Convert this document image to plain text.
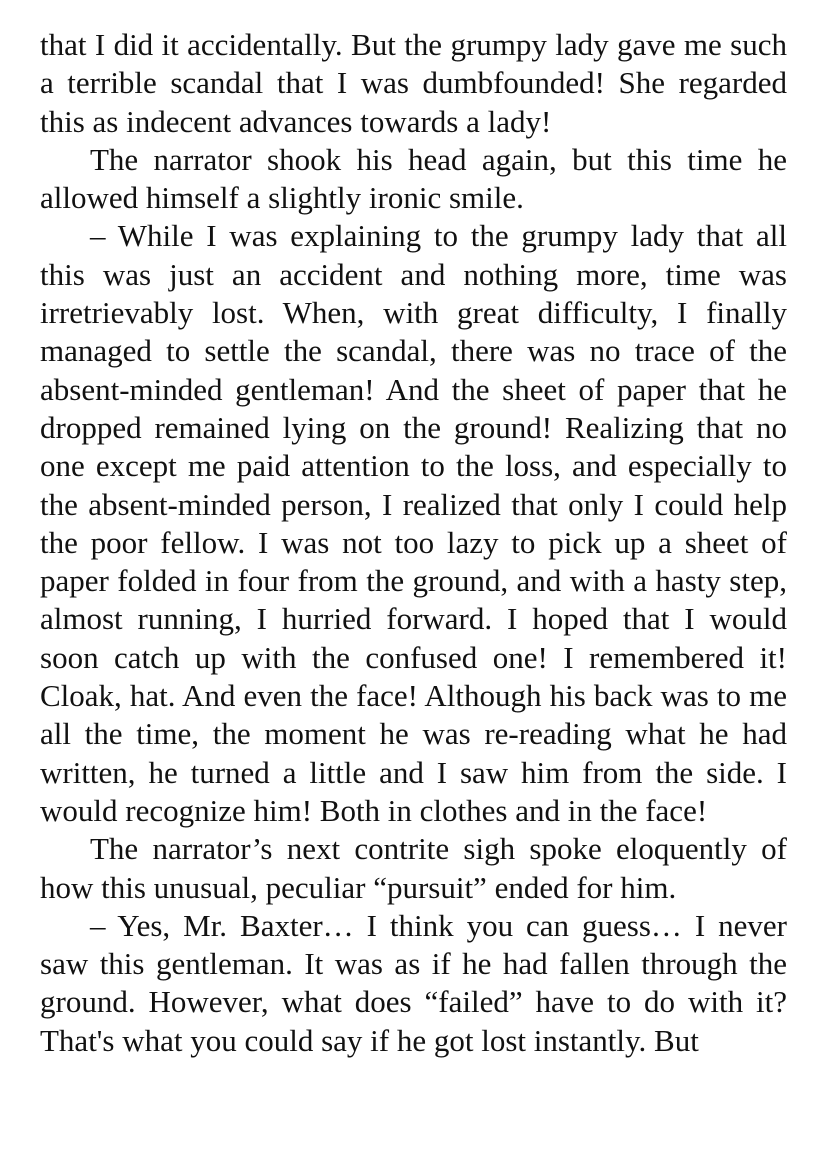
that I did it accidentally. But the grumpy lady gave me such a terrible scandal that I was dumbfounded! She regarded this as indecent advances towards a lady!

The narrator shook his head again, but this time he allowed himself a slightly ironic smile.

– While I was explaining to the grumpy lady that all this was just an accident and nothing more, time was irretrievably lost. When, with great difficulty, I finally managed to settle the scandal, there was no trace of the absent-minded gentleman! And the sheet of paper that he dropped remained lying on the ground! Realizing that no one except me paid attention to the loss, and especially to the absent-minded person, I realized that only I could help the poor fellow. I was not too lazy to pick up a sheet of paper folded in four from the ground, and with a hasty step, almost running, I hurried forward. I hoped that I would soon catch up with the confused one! I remembered it! Cloak, hat. And even the face! Although his back was to me all the time, the moment he was re-reading what he had written, he turned a little and I saw him from the side. I would recognize him! Both in clothes and in the face!

The narrator’s next contrite sigh spoke eloquently of how this unusual, peculiar “pursuit” ended for him.

– Yes, Mr. Baxter… I think you can guess… I never saw this gentleman. It was as if he had fallen through the ground. However, what does “failed” have to do with it? That's what you could say if he got lost instantly. But
